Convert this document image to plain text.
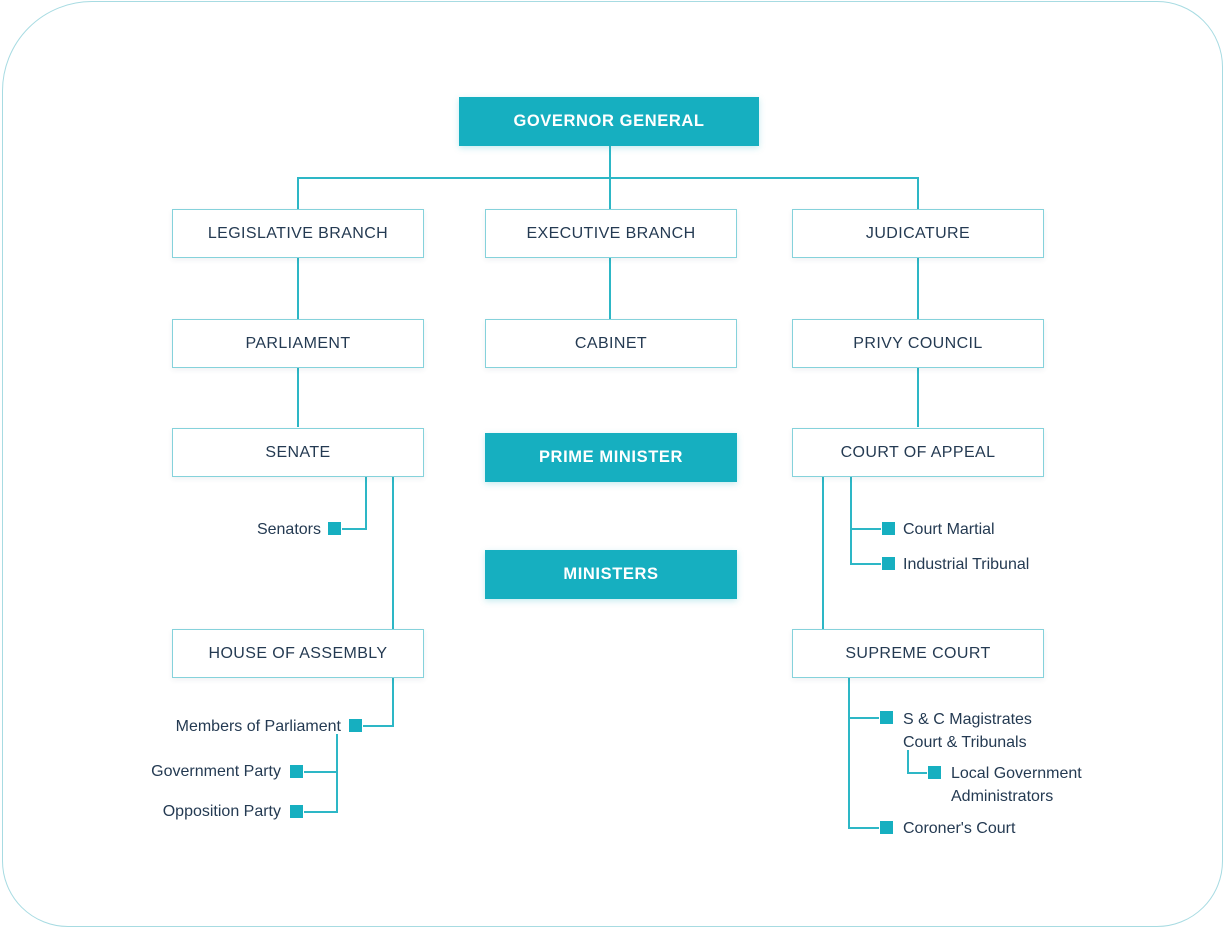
GOVERNOR GENERAL
LEGISLATIVE BRANCH	EXECUTIVE BRANCH	JUDICATURE
PARLIAMENT	CABINET	PRIVY COUNCIL
SENATE	PRIME MINISTER	COURT OF APPEAL
MINISTERS
HOUSE OF ASSEMBLY	SUPREME COURT
Senators
Members of Parliament
Government Party
Opposition Party
Court Martial
Industrial Tribunal
S & C Magistrates
Court & Tribunals
Local Government
Administrators
Coroner's Court
